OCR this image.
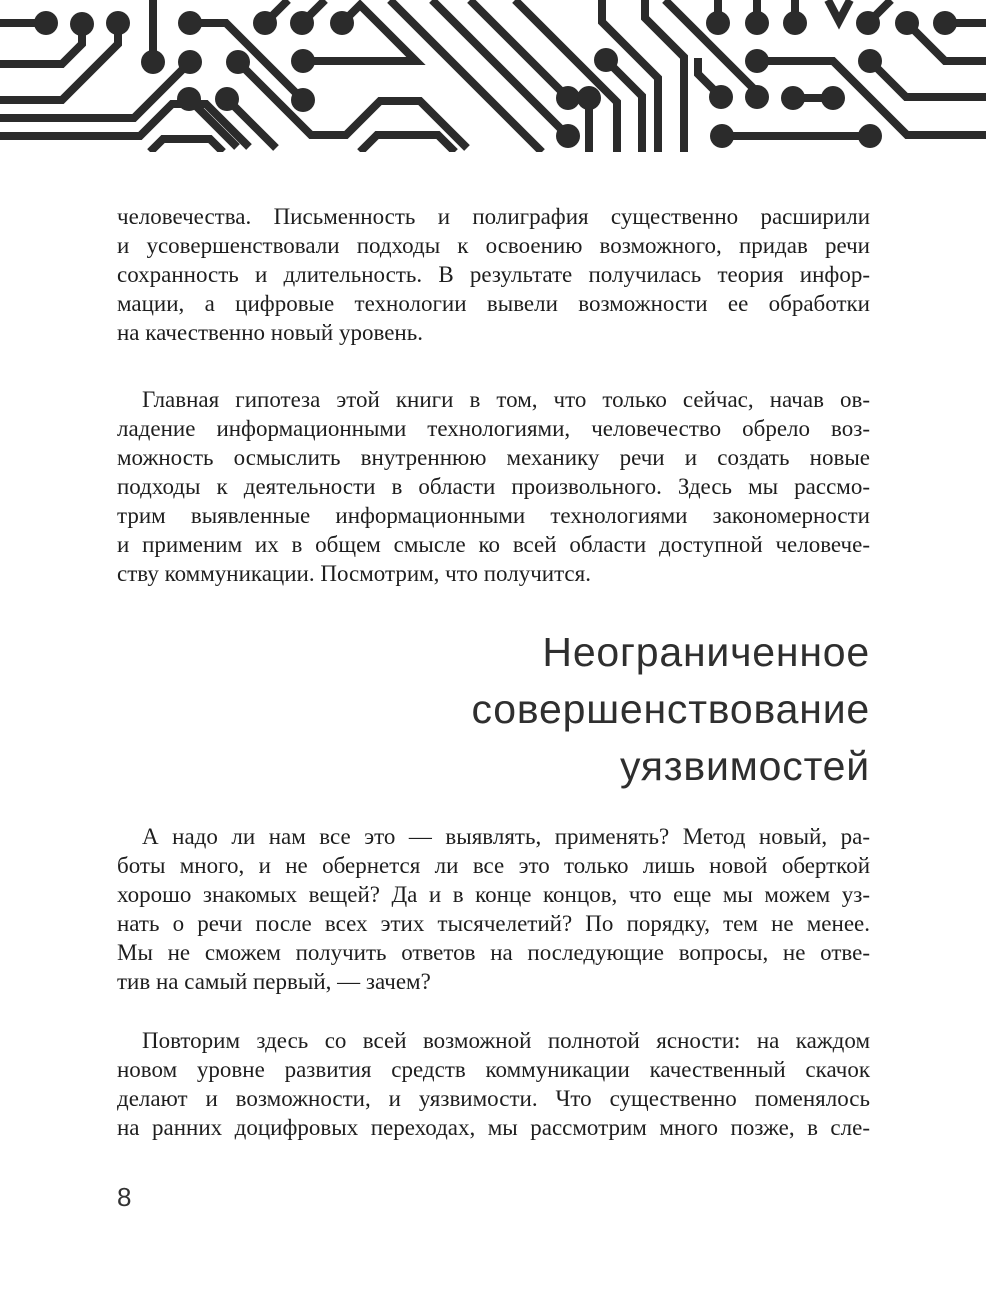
человечества. Письменность и полиграфия существенно расширили
и усовершенствовали подходы к освоению возможного, придав речи
сохранность и длительность. В результате получилась теория инфор-
мации, а цифровые технологии вывели возможности ее обработки
на качественно новый уровень.
Главная гипотеза этой книги в том, что только сейчас, начав ов-
ладение информационными технологиями, человечество обрело воз-
можность осмыслить внутреннюю механику речи и создать новые
подходы к деятельности в области произвольного. Здесь мы рассмо-
трим выявленные информационными технологиями закономерности
и применим их в общем смысле ко всей области доступной человече-
ству коммуникации. Посмотрим, что получится.
Неограниченное
совершенствование
уязвимостей
А надо ли нам все это — выявлять, применять? Метод новый, ра-
боты много, и не обернется ли все это только лишь новой оберткой
хорошо знакомых вещей? Да и в конце концов, что еще мы можем уз-
нать о речи после всех этих тысячелетий? По порядку, тем не менее.
Мы не сможем получить ответов на последующие вопросы, не отве-
тив на самый первый, — зачем?
Повторим здесь со всей возможной полнотой ясности: на каждом
новом уровне развития средств коммуникации качественный скачок
делают и возможности, и уязвимости. Что существенно поменялось
на ранних доцифровых переходах, мы рассмотрим много позже, в сле-
8
